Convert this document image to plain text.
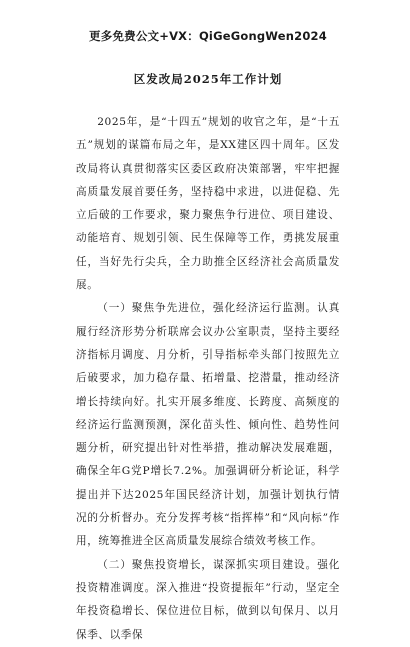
更多免费公文+VX：QiGeGongWen2024
区发改局2025年工作计划

2025年，是“十四五”规划的收官之年，是“十五五”规划的谋篇布局之年，是XX建区四十周年。区发改局将认真贯彻落实区委区政府决策部署，牢牢把握高质量发展首要任务，坚持稳中求进，以进促稳、先立后破的工作要求，聚力聚焦争行进位、项目建设、动能培育、规划引领、民生保障等工作，勇挑发展重任，当好先行尖兵，全力助推全区经济社会高质量发展。

（一）聚焦争先进位，强化经济运行监测。认真履行经济形势分析联席会议办公室职责，坚持主要经济指标月调度、月分析，引导指标牵头部门按照先立后破要求，加力稳存量、拓增量、挖潜量，推动经济增长持续向好。扎实开展多维度、长跨度、高频度的经济运行监测预测，深化苗头性、倾向性、趋势性问题分析，研究提出针对性举措，推动解决发展难题，确保全年G党P增长7.2%。加强调研分析论证，科学提出并下达2025年国民经济计划，加强计划执行情况的分析督办。充分发挥考核“指挥棒”和“风向标”作用，统筹推进全区高质量发展综合绩效考核工作。

（二）聚焦投资增长，谋深抓实项目建设。强化投资精准调度。深入推进“投资提振年”行动，坚定全年投资稳增长、保位进位目标，做到以旬保月、以月保季、以季保
